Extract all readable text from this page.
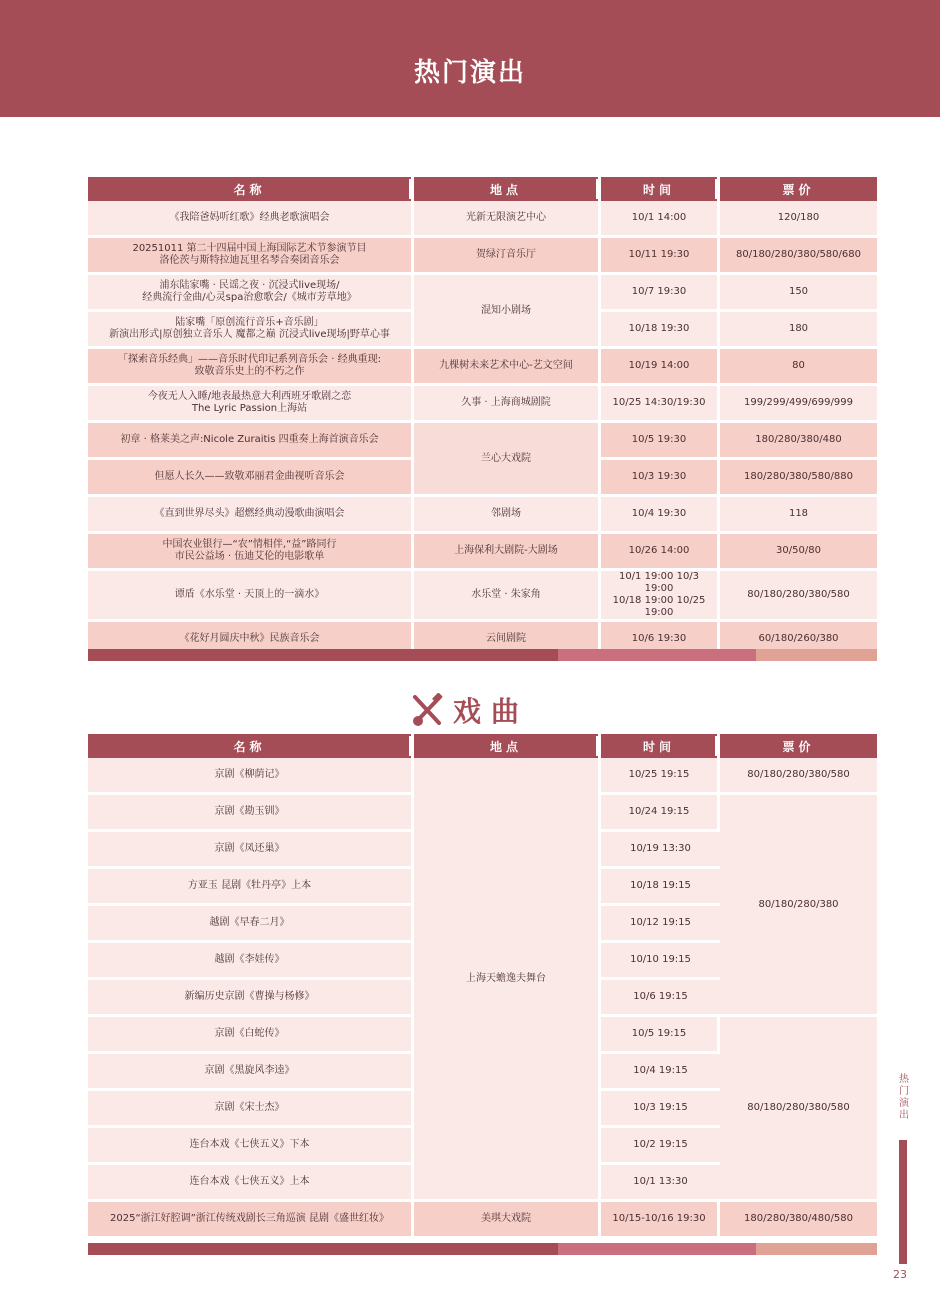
热门演出
名称	地点	时间	票价
《我陪爸妈听红歌》经典老歌演唱会	光新无限演艺中心	10/1 14:00	120/180
20251011 第二十四届中国上海国际艺术节参演节目
洛伦茨与斯特拉迪瓦里名琴合奏团音乐会	贺绿汀音乐厅	10/11 19:30	80/180/280/380/580/680
浦东陆家嘴 · 民谣之夜 · 沉浸式live现场/
经典流行金曲/心灵spa治愈歌会/《城市芳草地》	混知小剧场	10/7 19:30	150
陆家嘴「原创流行音乐+音乐剧」
新演出形式|原创独立音乐人 魔都之巅 沉浸式live现场|野草心事		10/18 19:30	180
「探索音乐经典」——音乐时代印记系列音乐会 · 经典重现:
致敬音乐史上的不朽之作	九棵树未来艺术中心-艺文空间	10/19 14:00	80
今夜无人入睡/地表最热意大利西班牙歌剧之恋
The Lyric Passion上海站	久事 · 上海商城剧院	10/25 14:30/19:30	199/299/499/699/999
初章 · 格莱美之声:Nicole Zuraitis 四重奏上海首演音乐会	兰心大戏院	10/5 19:30	180/280/380/480
但愿人长久——致敬邓丽君金曲视听音乐会		10/3 19:30	180/280/380/580/880
《直到世界尽头》超燃经典动漫歌曲演唱会	邻剧场	10/4 19:30	118
中国农业银行—“农”情相伴,“益”路同行
市民公益场 · 伍迪艾伦的电影歌单	上海保利大剧院-大剧场	10/26 14:00	30/50/80
谭盾《水乐堂 · 天顶上的一滴水》	水乐堂 · 朱家角	10/1 19:00 10/3 19:00
10/18 19:00 10/25 19:00	80/180/280/380/580
《花好月圆庆中秋》民族音乐会	云间剧院	10/6 19:30	60/180/260/380
戏曲
名称	地点	时间	票价
京剧《柳荫记》	上海天蟾逸夫舞台	10/25 19:15	80/180/280/380/580
京剧《勘玉钏》		10/24 19:15	80/180/280/380
京剧《凤还巢》		10/19 13:30	
方亚玉 昆剧《牡丹亭》上本		10/18 19:15	
越剧《早春二月》		10/12 19:15	
越剧《李娃传》		10/10 19:15	
新编历史京剧《曹操与杨修》		10/6 19:15	
京剧《白蛇传》		10/5 19:15	80/180/280/380/580
京剧《黑旋风李逵》		10/4 19:15	
京剧《宋士杰》		10/3 19:15	
连台本戏《七侠五义》下本		10/2 19:15	
连台本戏《七侠五义》上本		10/1 13:30	
2025“浙江好腔调”浙江传统戏剧长三角巡演 昆剧《盛世红妆》	美琪大戏院	10/15-10/16 19:30	180/280/380/480/580
热门
演出
23
